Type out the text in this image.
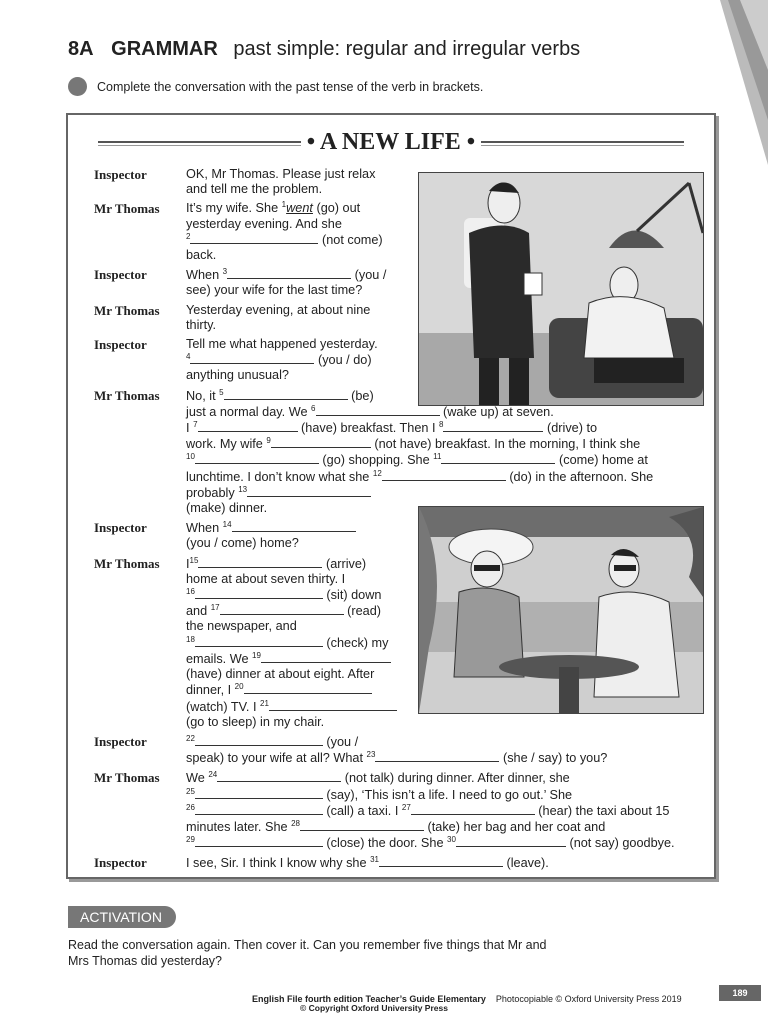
8A GRAMMAR past simple: regular and irregular verbs
Complete the conversation with the past tense of the verb in brackets.
• A NEW LIFE •
Inspector	OK, Mr Thomas. Please just relax
and tell me the problem.
Mr Thomas	It’s my wife. She $^1$went (go) out
yesterday evening. And she
$^2$	(not come)
back.
Inspector	When $^3$	(you /
see) your wife for the last time?
Mr Thomas	Yesterday evening, at about nine
thirty.
Inspector	Tell me what happened yesterday.
$^4$	(you / do)
anything unusual?
Mr Thomas	No, it $^5$	(be)
just a normal day. We $^6$	(wake up) at seven.
I $^7$	(have) breakfast. Then I $^8$	(drive) to
work. My wife $^9$	(not have) breakfast. In the morning, I think she
$^{10}$	(go) shopping. She $^{11}$	(come) home at
lunchtime. I don’t know what she $^{12}$	(do) in the afternoon. She
probably $^{13}$
(make) dinner.
Inspector	When $^{14}$
(you / come) home?
Mr Thomas	$I^{15}$	(arrive)
home at about seven thirty. I
$^{16}$	(sit) down
and $^{17}$	(read)
the newspaper, and
$^{18}$	(check) my
emails. We $^{19}$
(have) dinner at about eight. After
dinner, I $^{20}$
(watch) TV. I $^{21}$
(go to sleep) in my chair.
Inspector	$^{22}$	(you /
speak) to your wife at all? What $^{23}$	(she / say) to you?
Mr Thomas	We $^{24}$	(not talk) during dinner. After dinner, she
$^{25}$	(say), ‘This isn’t a life. I need to go out.’ She
$^{26}$	(call) a taxi. I $^{27}$	(hear) the taxi about 15
minutes later. She $^{28}$	(take) her bag and her coat and
$^{29}$	(close) the door. She $^{30}$	(not say) goodbye.
Inspector	I see, Sir. I think I know why she $^{31}$	(leave).
ACTIVATION
Read the conversation again. Then cover it. Can you remember five things that Mr and Mrs Thomas did yesterday?
English File fourth edition Teacher’s Guide Elementary Photocopiable © Oxford University Press 2019
© Copyright Oxford University Press
189
